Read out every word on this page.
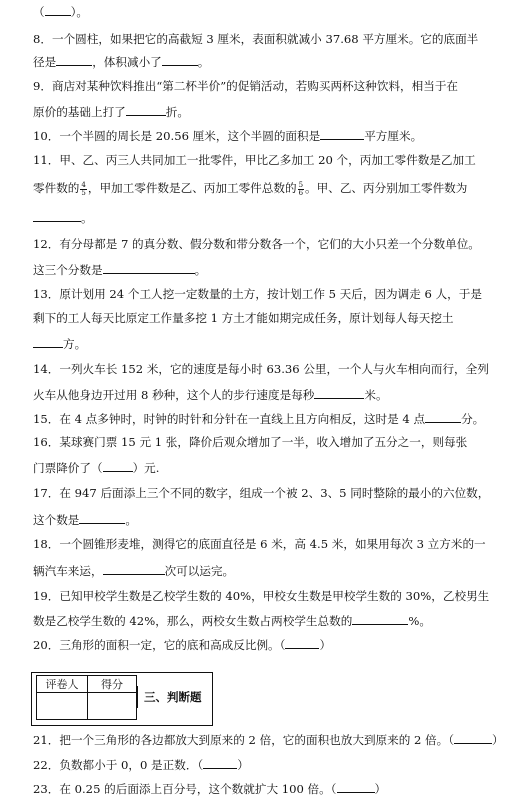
（ ）。
8．一个圆柱，如果把它的高截短 3 厘米，表面积就减小 37.68 平方厘米。它的底面半
径是	，体积减小了	。
9．商店对某种饮料推出“第二杯半价”的促销活动，若购买两杯这种饮料，相当于在
原价的基础上打了	折。
10．一个半圆的周长是 20.56 厘米，这个半圆的面积是	平方厘米。
11．甲、乙、丙三人共同加工一批零件，甲比乙多加工 20 个，丙加工零件数是乙加工
零件数的 $\frac{4}{5}$ ，甲加工零件数是乙、丙加工零件总数的 $\frac{5}{6}$ 。甲、乙、丙分别加工零件数为
。
12．有分母都是 7 的真分数、假分数和带分数各一个，它们的大小只差一个分数单位。
这三个分数是	。
13．原计划用 24 个工人挖一定数量的土方，按计划工作 5 天后，因为调走 6 人，于是
剩下的工人每天比原定工作量多挖 1 方土才能如期完成任务，原计划每人每天挖土
方。
14．一列火车长 152 米，它的速度是每小时 63.36 公里，一个人与火车相向而行，全列
火车从他身边开过用 8 秒种，这个人的步行速度是每秒	米。
15．在 4 点多钟时，时钟的时针和分针在一直线上且方向相反，这时是 4 点	分。
16．某球赛门票 15 元 1 张，降价后观众增加了一半，收入增加了五分之一，则每张
门票降价了（	）元.
17．在 947 后面添上三个不同的数字，组成一个被 2、3、5 同时整除的最小的六位数，
这个数是	。
18．一个圆锥形麦堆，测得它的底面直径是 6 米，高 4.5 米，如果用每次 3 立方米的一
辆汽车来运，	次可以运完。
19．已知甲校学生数是乙校学生数的 40%，甲校女生数是甲校学生数的 30%，乙校男生
数是乙校学生数的 42%，那么，两校女生数占两校学生总数的	%。
20．三角形的面积一定，它的底和高成反比例。（	）
21．把一个三角形的各边都放大到原来的 2 倍，它的面积也放大到原来的 2 倍。（	）
22．负数都小于 0，0 是正数．（	）
23．在 0.25 的后面添上百分号，这个数就扩大 100 倍。（	）
评卷人	得分

三、判断题
